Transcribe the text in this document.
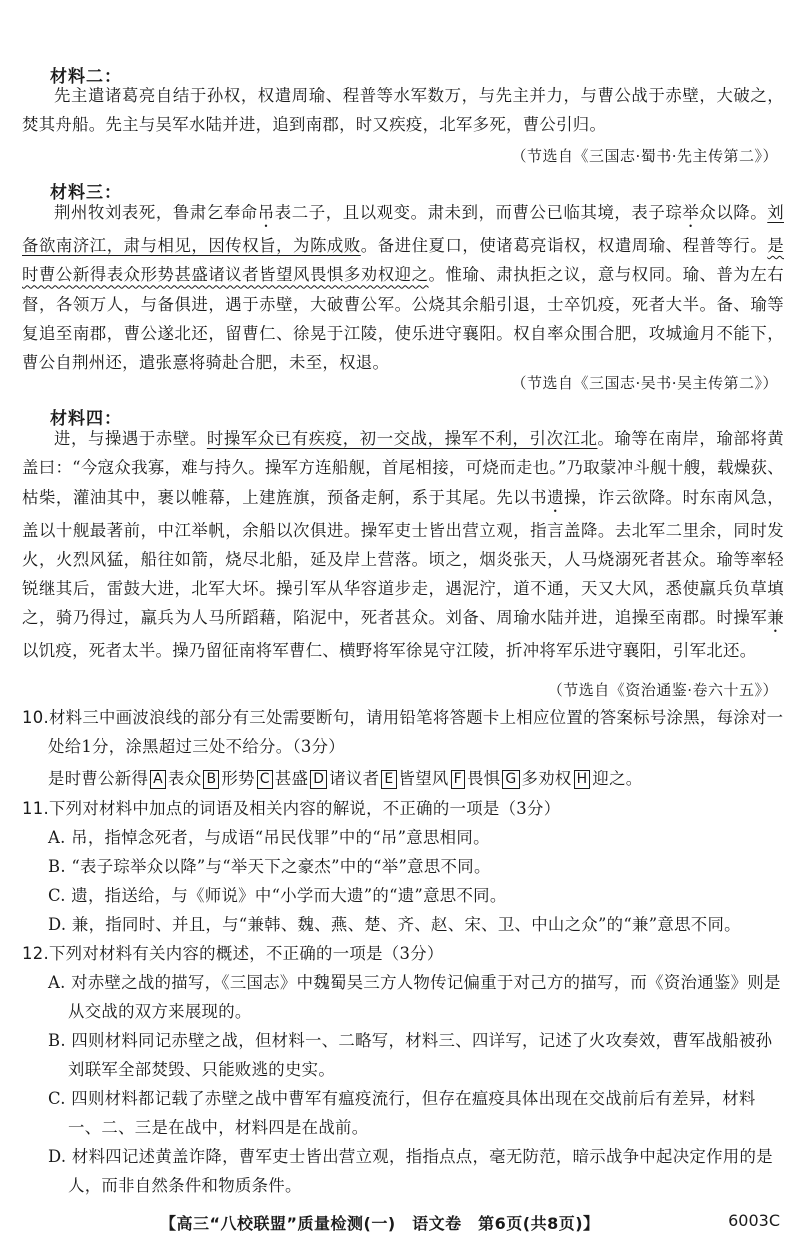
材料二：
先主遣诸葛亮自结于孙权，权遣周瑜、程普等水军数万，与先主并力，与曹公战于赤壁，大破之，焚其舟船。先主与吴军水陆并进，追到南郡，时又疾疫，北军多死，曹公引归。
（节选自《三国志·蜀书·先主传第二》）
材料三：
荆州牧刘表死，鲁肃乞奉命吊表二子，且以观变。肃未到，而曹公已临其境，表子琮举众以降。刘备欲南济江，肃与相见，因传权旨，为陈成败。备进住夏口，使诸葛亮诣权，权遣周瑜、程普等行。是时曹公新得表众形势甚盛诸议者皆望风畏惧多劝权迎之。惟瑜、肃执拒之议，意与权同。瑜、普为左右督，各领万人，与备俱进，遇于赤壁，大破曹公军。公烧其余船引退，士卒饥疫，死者大半。备、瑜等复追至南郡，曹公遂北还，留曹仁、徐晃于江陵，使乐进守襄阳。权自率众围合肥，攻城逾月不能下，曹公自荆州还，遣张憙将骑赴合肥，未至，权退。
（节选自《三国志·吴书·吴主传第二》）
材料四：
进，与操遇于赤壁。时操军众已有疾疫，初一交战，操军不利，引次江北。瑜等在南岸，瑜部将黄盖曰：“今寇众我寡，难与持久。操军方连船舰，首尾相接，可烧而走也。”乃取蒙冲斗舰十艘，载燥荻、枯柴，灌油其中，裹以帷幕，上建旌旗，预备走舸，系于其尾。先以书遗操，诈云欲降。时东南风急，盖以十舰最著前，中江举帆，余船以次俱进。操军吏士皆出营立观，指言盖降。去北军二里余，同时发火，火烈风猛，船往如箭，烧尽北船，延及岸上营落。顷之，烟炎张天，人马烧溺死者甚众。瑜等率轻锐继其后，雷鼓大进，北军大坏。操引军从华容道步走，遇泥泞，道不通，天又大风，悉使羸兵负草填之，骑乃得过，羸兵为人马所蹈藉，陷泥中，死者甚众。刘备、周瑜水陆并进，追操至南郡。时操军兼以饥疫，死者太半。操乃留征南将军曹仁、横野将军徐晃守江陵，折冲将军乐进守襄阳，引军北还。
（节选自《资治通鉴·卷六十五》）
10.材料三中画波浪线的部分有三处需要断句，请用铅笔将答题卡上相应位置的答案标号涂黑，每涂对一处给1分，涂黑超过三处不给分。（3分）
是时曹公新得 A 表众 B 形势 C 甚盛 D 诸议者 E 皆望风 F 畏惧 G 多劝权 H 迎之。
11.下列对材料中加点的词语及相关内容的解说，不正确的一项是（3分）
A. 吊，指悼念死者，与成语“吊民伐罪”中的“吊”意思相同。
B. “表子琮举众以降”与“举天下之豪杰”中的“举”意思不同。
C. 遗，指送给，与《师说》中“小学而大遗”的“遗”意思不同。
D. 兼，指同时、并且，与“兼韩、魏、燕、楚、齐、赵、宋、卫、中山之众”的“兼”意思不同。
12.下列对材料有关内容的概述，不正确的一项是（3分）
A. 对赤壁之战的描写，《三国志》中魏蜀吴三方人物传记偏重于对己方的描写，而《资治通鉴》则是从交战的双方来展现的。
B. 四则材料同记赤壁之战，但材料一、二略写，材料三、四详写，记述了火攻奏效，曹军战船被孙刘联军全部焚毁、只能败逃的史实。
C. 四则材料都记载了赤壁之战中曹军有瘟疫流行，但存在瘟疫具体出现在交战前后有差异，材料一、二、三是在战中，材料四是在战前。
D. 材料四记述黄盖诈降，曹军吏士皆出营立观，指指点点，毫无防范，暗示战争中起决定作用的是人，而非自然条件和物质条件。
【高三“八校联盟”质量检测(一)　语文卷　第6页(共8页)】	6003C
